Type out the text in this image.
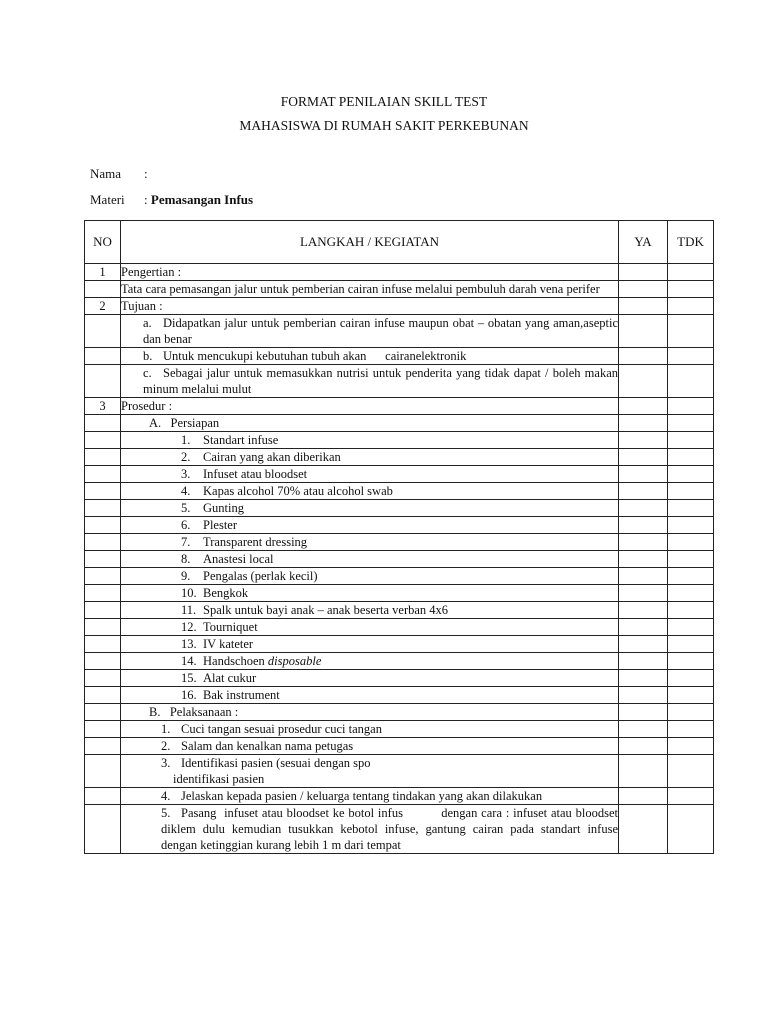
FORMAT PENILAIAN SKILL TEST
MAHASISWA DI RUMAH SAKIT PERKEBUNAN
Nama :
Materi : Pemasangan Infus
NO	LANGKAH / KEGIATAN	YA	TDK
1	Pengertian :		
	Tata cara pemasangan jalur untuk pemberian cairan infuse melalui pembuluh darah vena perifer		
2	Tujuan :		
	a. Didapatkan jalur untuk pemberian cairan infuse maupun obat – obatan yang aman,aseptic dan benar		
	b. Untuk mencukupi kebutuhan tubuh akan      cairanelektronik		
	c. Sebagai jalur untuk memasukkan nutrisi untuk penderita yang tidak dapat / boleh makan minum melalui mulut		
3	Prosedur :		
	A.   Persiapan		
	1. Standart infuse		
	2. Cairan yang akan diberikan		
	3. Infuset atau bloodset		
	4. Kapas alcohol 70% atau alcohol swab		
	5. Gunting		
	6. Plester		
	7. Transparent dressing		
	8. Anastesi local		
	9. Pengalas (perlak kecil)		
	10. Bengkok		
	11. Spalk untuk bayi anak – anak beserta verban 4x6		
	12. Tourniquet		
	13. IV kateter		
	14. Handschoen disposable		
	15. Alat cukur		
	16. Bak instrument		
	B.   Pelaksanaan :		
	1. Cuci tangan sesuai prosedur cuci tangan		
	2. Salam dan kenalkan nama petugas		

	3. Identifikasi pasien (sesuai dengan spo
identifikasi pasien		

	4. Jelaskan kepada pasien / keluarga tentang tindakan yang akan dilakukan		
	5. Pasang  infuset atau bloodset ke botol infus          dengan cara : infuset atau bloodset diklem dulu kemudian tusukkan kebotol infuse, gantung cairan pada standart infuse dengan ketinggian kurang lebih 1 m dari tempat		
